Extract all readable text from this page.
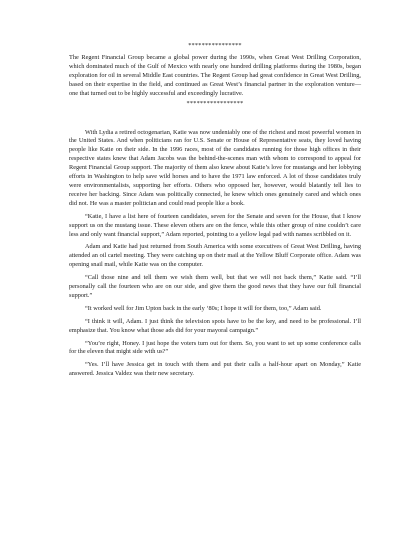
****************

The Regent Financial Group became a global power during the 1990s, when Great West Drilling Corporation, which dominated much of the Gulf of Mexico with nearly one hundred drilling platforms during the 1980s, began exploration for oil in several Middle East countries. The Regent Group had great confidence in Great West Drilling, based on their expertise in the field, and continued as Great West’s financial partner in the exploration venture—one that turned out to be highly successful and exceedingly lucrative.

*****************

With Lydia a retired octogenarian, Katie was now undeniably one of the richest and most powerful women in the United States. And when politicians ran for U.S. Senate or House of Representative seats, they loved having people like Katie on their side. In the 1996 races, most of the candidates running for those high offices in their respective states knew that Adam Jacobs was the behind-the-scenes man with whom to correspond to appeal for Regent Financial Group support. The majority of them also knew about Katie’s love for mustangs and her lobbying efforts in Washington to help save wild horses and to have the 1971 law enforced. A lot of those candidates truly were environmentalists, supporting her efforts. Others who opposed her, however, would blatantly tell lies to receive her backing. Since Adam was politically connected, he knew which ones genuinely cared and which ones did not. He was a master politician and could read people like a book.

“Katie, I have a list here of fourteen candidates, seven for the Senate and seven for the House, that I know support us on the mustang issue. These eleven others are on the fence, while this other group of nine couldn’t care less and only want financial support,” Adam reported, pointing to a yellow legal pad with names scribbled on it.

Adam and Katie had just returned from South America with some executives of Great West Drilling, having attended an oil cartel meeting. They were catching up on their mail at the Yellow Bluff Corporate office. Adam was opening snail mail, while Katie was on the computer.

“Call those nine and tell them we wish them well, but that we will not back them,” Katie said. “I’ll personally call the fourteen who are on our side, and give them the good news that they have our full financial support.”

“It worked well for Jim Upton back in the early ‘80s; I hope it will for them, too,” Adam said.

“I think it will, Adam. I just think the television spots have to be the key, and need to be professional. I’ll emphasize that. You know what those ads did for your mayoral campaign.”

“You’re right, Honey. I just hope the voters turn out for them. So, you want to set up some conference calls for the eleven that might side with us?”

“Yes. I’ll have Jessica get in touch with them and put their calls a half-hour apart on Monday,” Katie answered. Jessica Valdez was their new secretary.
